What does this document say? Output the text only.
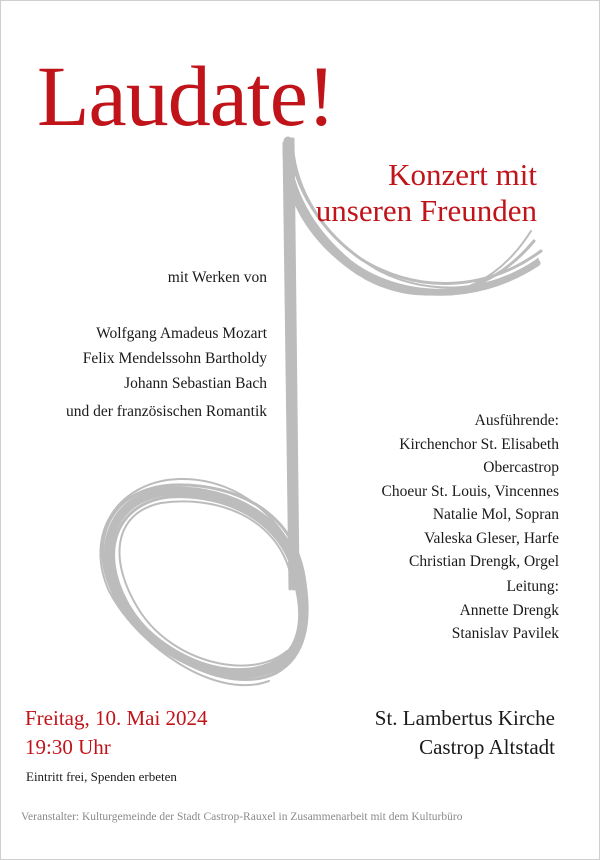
Laudate!
Konzert mit
unseren Freunden
mit Werken von
Wolfgang Amadeus Mozart
Felix Mendelssohn Bartholdy
Johann Sebastian Bach
und der französischen Romantik
Ausführende:
Kirchenchor St. Elisabeth
Obercastrop
Choeur St. Louis, Vincennes
Natalie Mol, Sopran
Valeska Gleser, Harfe
Christian Drengk, Orgel
Leitung:
Annette Drengk
Stanislav Pavilek
Freitag, 10. Mai 2024
19:30 Uhr
St. Lambertus Kirche
Castrop Altstadt
Eintritt frei, Spenden erbeten
Veranstalter: Kulturgemeinde der Stadt Castrop-Rauxel in Zusammenarbeit mit dem Kulturbüro
